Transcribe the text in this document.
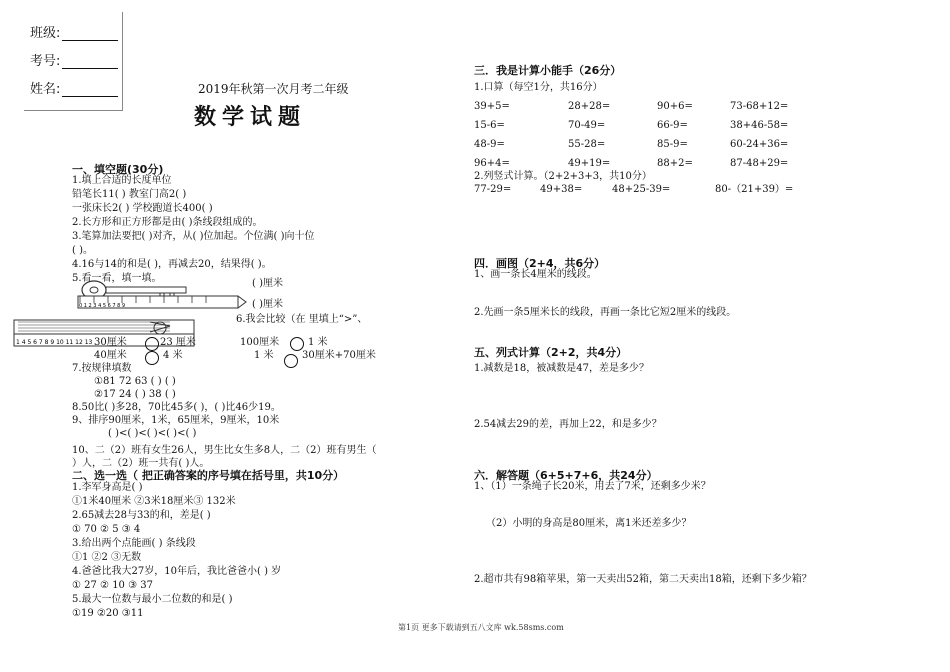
班级:
考号:
姓名:	2019年秋第一次月考二年级
数学试题
一、填空题(30分)
1.填上合适的长度单位
铅笔长11( ) 教室门高2( )
一张床长2( ) 学校跑道长400( )
2.长方形和正方形都是由( )条线段组成的。
3.笔算加法要把( )对齐，从( )位加起。个位满( )向十位
( )。
4.16与14的和是( )，再减去20，结果得( )。
5.看一看，填一填。
0 1 2 3 4 5 6 7 8 9
1 4 5 6 7 8 9 10 11 12 13
( )厘米
( )厘米
6.我会比较（在 里填上“>”、
30厘米	23 厘米	100厘米	1 米
40厘米	4 米	1 米	30厘米+70厘米
7.按规律填数
①81 72 63 ( ) ( )
②17 24 ( ) 38 ( )
8.50比( )多28，70比45多( )，( )比46少19。
9、排序90厘米，1米，65厘米，9厘米，10米
( )<( )<( )<( )<( )
10、二（2）班有女生26人，男生比女生多8人，二（2）班有男生（
）人，二（2）班一共有( )人。
二、选一选（ 把正确答案的序号填在括号里，共10分）
1.李军身高是( )
①1米40厘米 ②3米18厘米③ 132米
2.65减去28与33的和，差是( )
① 70 ② 5 ③ 4
3.给出两个点能画( ) 条线段
①1 ②2 ③无数
4.爸爸比我大27岁，10年后，我比爸爸小( ) 岁
① 27 ② 10 ③ 37
5.最大一位数与最小二位数的和是( )
①19 ②20 ③11
三．我是计算小能手（26分）
1.口算（每空1分，共16分）
39+5=	28+28=	90+6=	73-68+12=
15-6=	70-49=	66-9=	38+46-58=
48-9=	55-28=	85-9=	60-24+36=
96+4=	49+19=	88+2=	87-48+29=
2.列竖式计算。（2+2+3+3，共10分）
77-29=	49+38=	48+25-39=	80-（21+39）=
四．画图（2+4，共6分）
1、画一条长4厘米的线段。
2.先画一条5厘米长的线段，再画一条比它短2厘米的线段。
五、列式计算（2+2，共4分）
1.减数是18，被减数是47，差是多少？
2.54减去29的差，再加上22，和是多少？
六．解答题（6+5+7+6，共24分）
1、（1）一条绳子长20米，用去了7米，还剩多少米？
（2）小明的身高是80厘米，离1米还差多少？
2.超市共有98箱苹果，第一天卖出52箱，第二天卖出18箱，还剩下多少箱？
第1页 更多下载请到五八文库 wk.58sms.com
